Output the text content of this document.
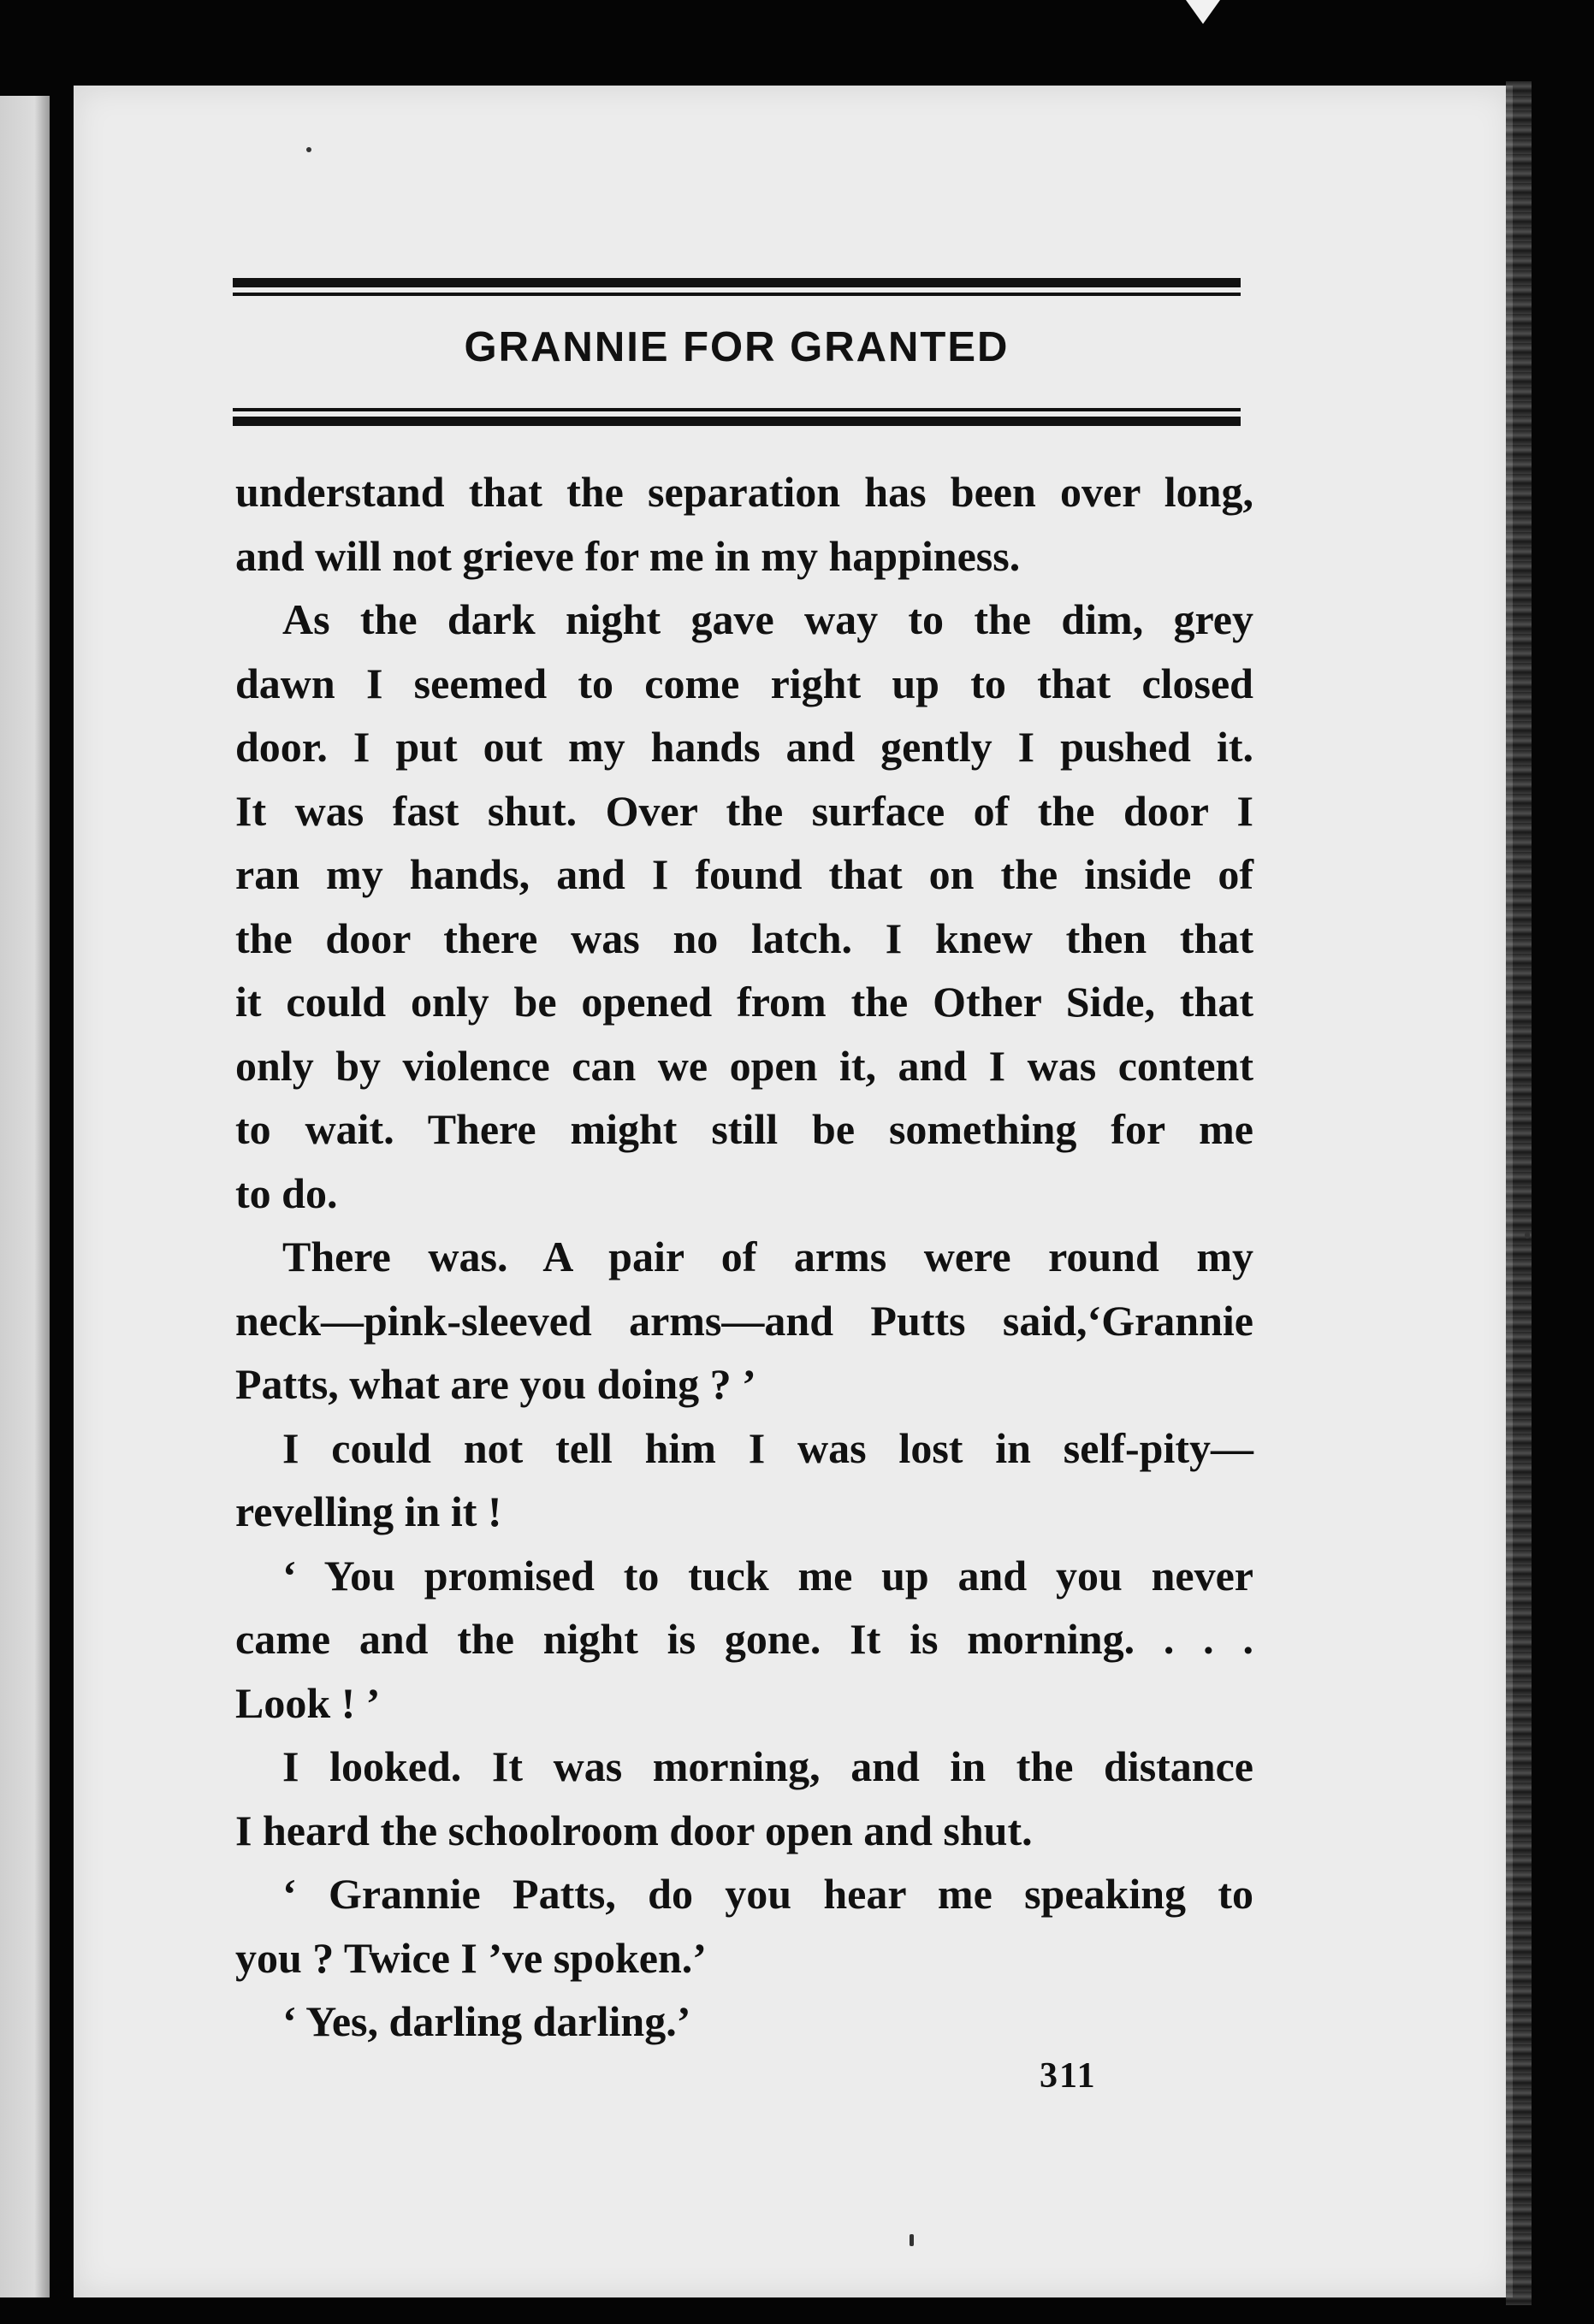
GRANNIE FOR GRANTED
understand that the separation has been over long,
and will not grieve for me in my happiness.
As the dark night gave way to the dim, grey
dawn I seemed to come right up to that closed
door. I put out my hands and gently I pushed it.
It was fast shut. Over the surface of the door I
ran my hands, and I found that on the inside of
the door there was no latch. I knew then that
it could only be opened from the Other Side, that
only by violence can we open it, and I was content
to wait. There might still be something for me
to do.
There was. A pair of arms were round my
neck—pink-sleeved arms—and Putts said,‘Grannie
Patts, what are you doing ? ’
I could not tell him I was lost in self-pity—
revelling in it !
‘ You promised to tuck me up and you never
came and the night is gone. It is morning. . . .
Look ! ’
I looked. It was morning, and in the distance
I heard the schoolroom door open and shut.
‘ Grannie Patts, do you hear me speaking to
you ? Twice I ’ve spoken.’
‘ Yes, darling darling.’
311
